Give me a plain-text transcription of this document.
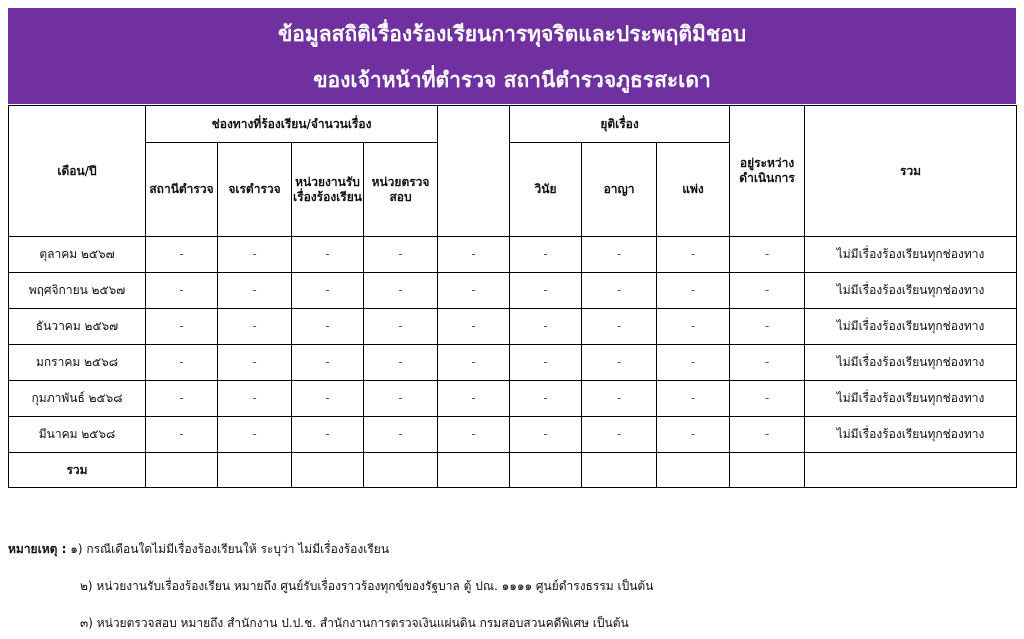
ข้อมูลสถิติเรื่องร้องเรียนการทุจริตและประพฤติมิชอบ
ของเจ้าหน้าที่ตำรวจ สถานีตำรวจภูธรสะเดา
เดือน/ปี	ช่องทางที่ร้องเรียน/จำนวนเรื่อง					ยุติเรื่อง			อยู่ระหว่างดำเนินการ	รวม
	สถานีตำรวจ	จเรตำรวจ	หน่วยงานรับเรื่องร้องเรียน	หน่วยตรวจสอบ		วินัย	อาญา	แพ่ง		
ตุลาคม ๒๕๖๗	-	-	-	-	-	-	-	-	-	ไม่มีเรื่องร้องเรียนทุกช่องทาง
พฤศจิกายน ๒๕๖๗	-	-	-	-	-	-	-	-	-	ไม่มีเรื่องร้องเรียนทุกช่องทาง
ธันวาคม ๒๕๖๗	-	-	-	-	-	-	-	-	-	ไม่มีเรื่องร้องเรียนทุกช่องทาง
มกราคม ๒๕๖๘	-	-	-	-	-	-	-	-	-	ไม่มีเรื่องร้องเรียนทุกช่องทาง
กุมภาพันธ์ ๒๕๖๘	-	-	-	-	-	-	-	-	-	ไม่มีเรื่องร้องเรียนทุกช่องทาง
มีนาคม ๒๕๖๘	-	-	-	-	-	-	-	-	-	ไม่มีเรื่องร้องเรียนทุกช่องทาง
รวม										
หมายเหตุ : ๑) กรณีเดือนใดไม่มีเรื่องร้องเรียนให้ ระบุว่า ไม่มีเรื่องร้องเรียน
๒) หน่วยงานรับเรื่องร้องเรียน หมายถึง ศูนย์รับเรื่องราวร้องทุกข์ของรัฐบาล ตู้ ปณ. ๑๑๑๑ ศูนย์ดำรงธรรม เป็นต้น
๓) หน่วยตรวจสอบ หมายถึง สำนักงาน ป.ป.ช. สำนักงานการตรวจเงินแผ่นดิน กรมสอบสวนคดีพิเศษ เป็นต้น
